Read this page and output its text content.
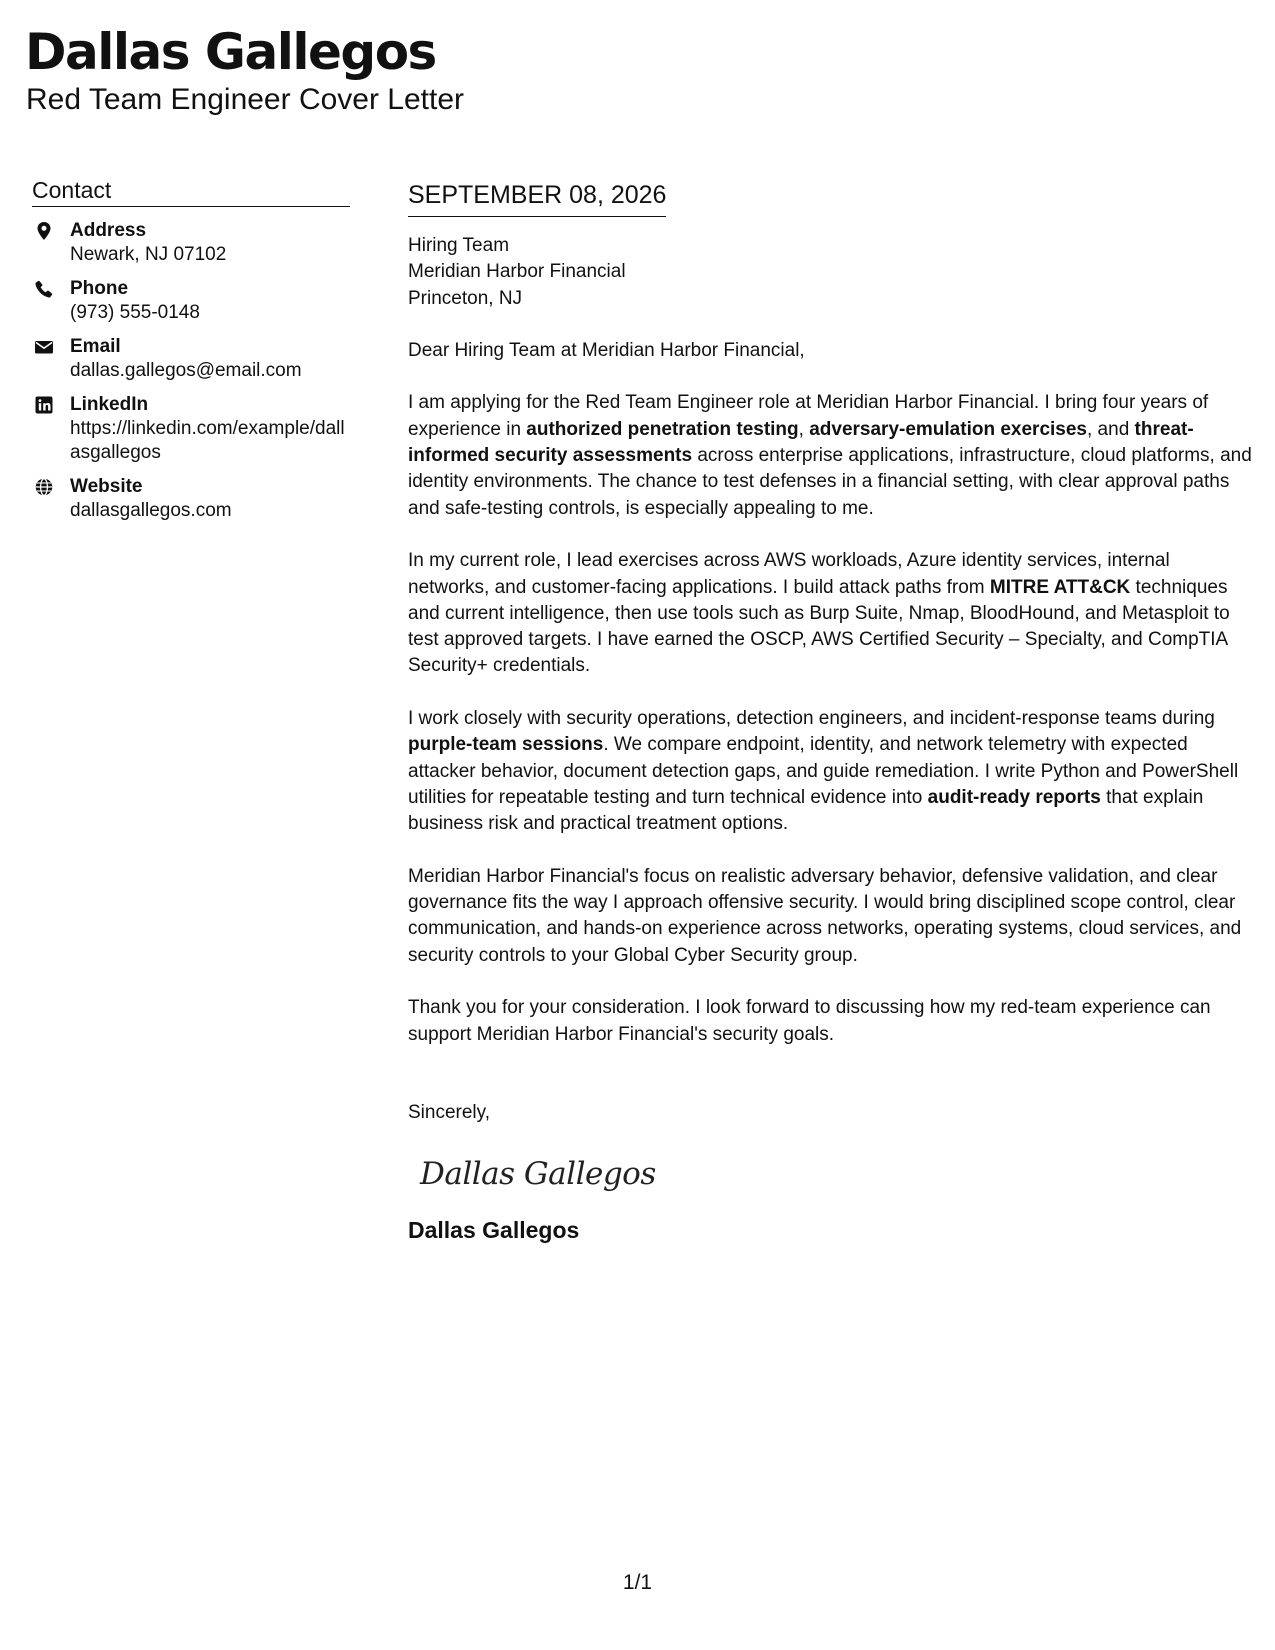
Dallas Gallegos
Red Team Engineer Cover Letter
Contact
Address
Newark, NJ 07102
Phone
(973) 555-0148
Email
dallas.gallegos@email.com
LinkedIn
https://linkedin.com/example/dallasgallegos
Website
dallasgallegos.com
SEPTEMBER 08, 2026

Hiring Team

Meridian Harbor Financial

Princeton, NJ

Dear Hiring Team at Meridian Harbor Financial,

I am applying for the Red Team Engineer role at Meridian Harbor Financial. I bring four years of experience in authorized penetration testing, adversary-emulation exercises, and threat-informed security assessments across enterprise applications, infrastructure, cloud platforms, and identity environments. The chance to test defenses in a financial setting, with clear approval paths and safe-testing controls, is especially appealing to me.

In my current role, I lead exercises across AWS workloads, Azure identity services, internal networks, and customer-facing applications. I build attack paths from MITRE ATT&CK techniques and current intelligence, then use tools such as Burp Suite, Nmap, BloodHound, and Metasploit to test approved targets. I have earned the OSCP, AWS Certified Security – Specialty, and CompTIA Security+ credentials.

I work closely with security operations, detection engineers, and incident-response teams during purple-team sessions. We compare endpoint, identity, and network telemetry with expected attacker behavior, document detection gaps, and guide remediation. I write Python and PowerShell utilities for repeatable testing and turn technical evidence into audit-ready reports that explain business risk and practical treatment options.

Meridian Harbor Financial's focus on realistic adversary behavior, defensive validation, and clear governance fits the way I approach offensive security. I would bring disciplined scope control, clear communication, and hands-on experience across networks, operating systems, cloud services, and security controls to your Global Cyber Security group.

Thank you for your consideration. I look forward to discussing how my red-team experience can support Meridian Harbor Financial's security goals.

Sincerely,

Dallas Gallegos
Dallas Gallegos
1/1
